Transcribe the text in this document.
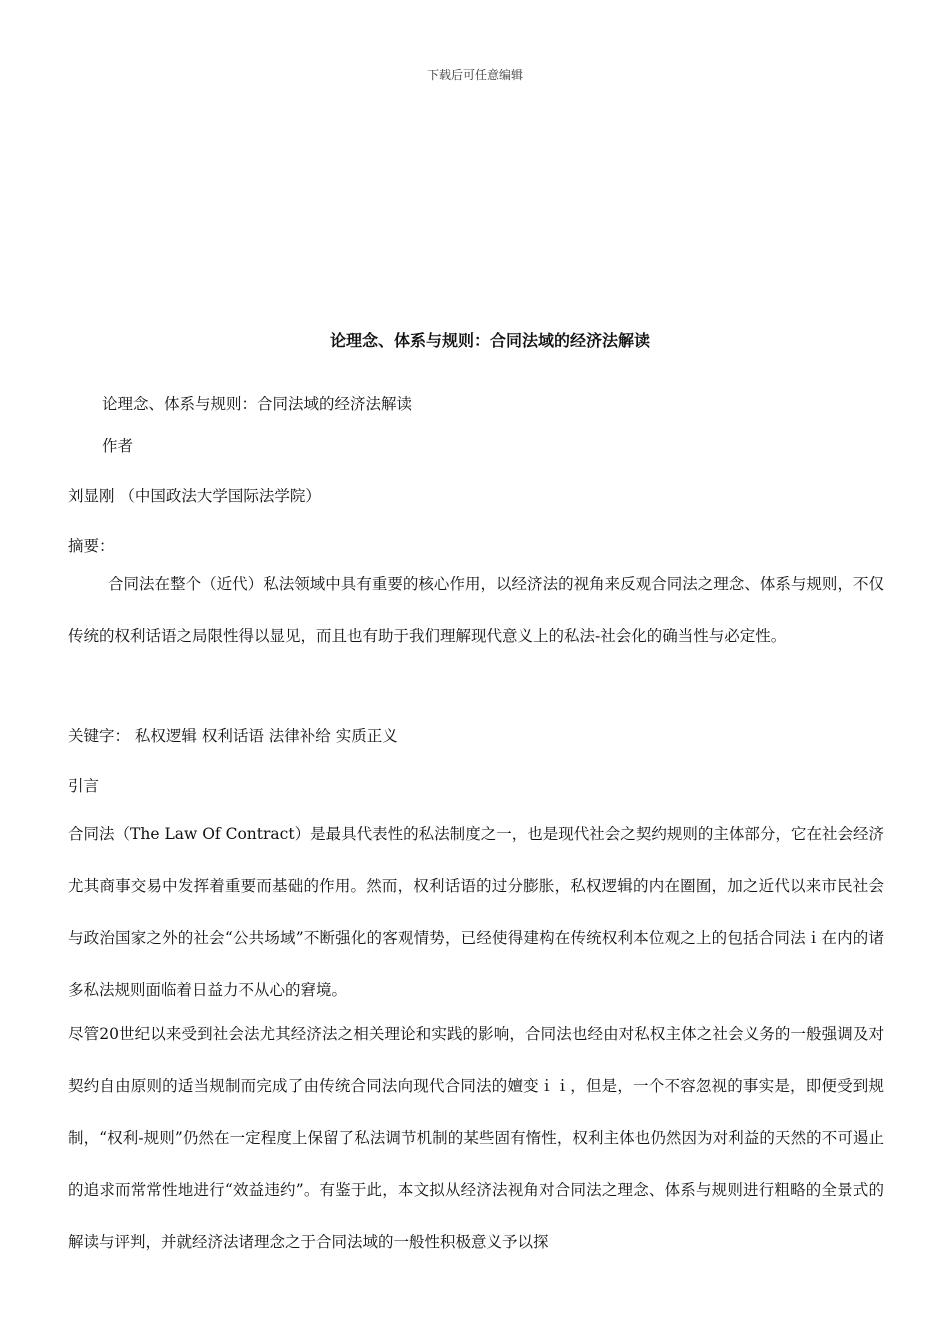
下载后可任意编辑
论理念、体系与规则：合同法域的经济法解读
论理念、体系与规则：合同法域的经济法解读
作者
刘显刚 （中国政法大学国际法学院）
摘要：
合同法在整个（近代）私法领域中具有重要的核心作用，以经济法的视角来反观合同法之理念、体系与规则，不仅传统的权利话语之局限性得以显见，而且也有助于我们理解现代意义上的私法-社会化的确当性与必定性。
关键字： 私权逻辑 权利话语 法律补给 实质正义
引言
合同法（The Law Of Contract）是最具代表性的私法制度之一，也是现代社会之契约规则的主体部分，它在社会经济尤其商事交易中发挥着重要而基础的作用。然而，权利话语的过分膨胀，私权逻辑的内在圈囿，加之近代以来市民社会与政治国家之外的社会“公共场域”不断强化的客观情势，已经使得建构在传统权利本位观之上的包括合同法ｉ在内的诸多私法规则面临着日益力不从心的窘境。
尽管20世纪以来受到社会法尤其经济法之相关理论和实践的影响，合同法也经由对私权主体之社会义务的一般强调及对契约自由原则的适当规制而完成了由传统合同法向现代合同法的嬗变ｉｉ，但是，一个不容忽视的事实是，即便受到规制，“权利-规则”仍然在一定程度上保留了私法调节机制的某些固有惰性，权利主体也仍然因为对利益的天然的不可遏止的追求而常常性地进行“效益违约”。有鉴于此，本文拟从经济法视角对合同法之理念、体系与规则进行粗略的全景式的解读与评判，并就经济法诸理念之于合同法域的一般性积极意义予以探
